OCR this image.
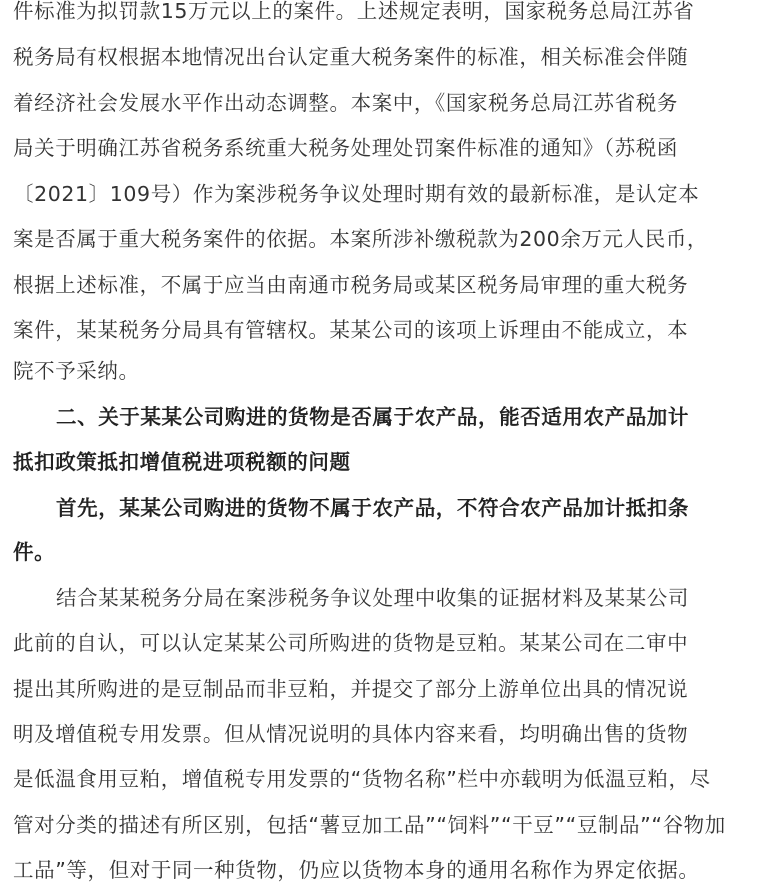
件标准为拟罚款15万元以上的案件。上述规定表明，国家税务总局江苏省
税务局有权根据本地情况出台认定重大税务案件的标准，相关标准会伴随
着经济社会发展水平作出动态调整。本案中，《国家税务总局江苏省税务
局关于明确江苏省税务系统重大税务处理处罚案件标准的通知》（苏税函
〔2021〕109号）作为案涉税务争议处理时期有效的最新标准，是认定本
案是否属于重大税务案件的依据。本案所涉补缴税款为200余万元人民币，
根据上述标准，不属于应当由南通市税务局或某区税务局审理的重大税务
案件，某某税务分局具有管辖权。某某公司的该项上诉理由不能成立，本
院不予采纳。
二、关于某某公司购进的货物是否属于农产品，能否适用农产品加计
抵扣政策抵扣增值税进项税额的问题
首先，某某公司购进的货物不属于农产品，不符合农产品加计抵扣条
件。
结合某某税务分局在案涉税务争议处理中收集的证据材料及某某公司
此前的自认，可以认定某某公司所购进的货物是豆粕。某某公司在二审中
提出其所购进的是豆制品而非豆粕，并提交了部分上游单位出具的情况说
明及增值税专用发票。但从情况说明的具体内容来看，均明确出售的货物
是低温食用豆粕，增值税专用发票的“货物名称”栏中亦载明为低温豆粕，尽
管对分类的描述有所区别，包括“薯豆加工品”“饲料”“干豆”“豆制品”“谷物加
工品”等，但对于同一种货物，仍应以货物本身的通用名称作为界定依据。
